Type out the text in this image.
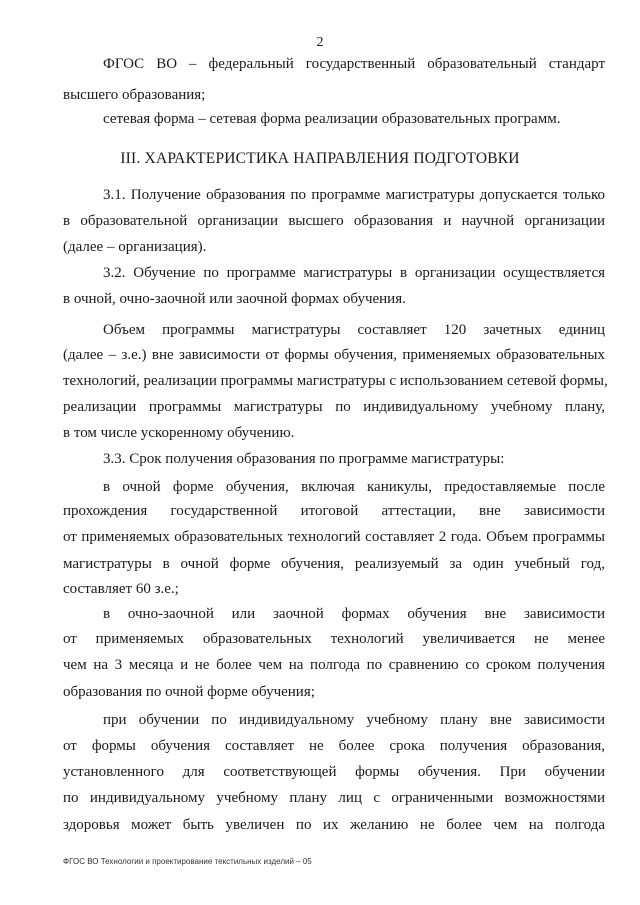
2
ФГОС ВО – федеральный государственный образовательный стандарт
высшего образования;
сетевая форма – сетевая форма реализации образовательных программ.
III. ХАРАКТЕРИСТИКА НАПРАВЛЕНИЯ ПОДГОТОВКИ
3.1. Получение образования по программе магистратуры допускается только
в образовательной организации высшего образования и научной организации
(далее – организация).
3.2. Обучение по программе магистратуры в организации осуществляется
в очной, очно-заочной или заочной формах обучения.
Объем программы магистратуры составляет 120 зачетных единиц
(далее – з.е.) вне зависимости от формы обучения, применяемых образовательных
технологий, реализации программы магистратуры с использованием сетевой формы,
реализации программы магистратуры по индивидуальному учебному плану,
в том числе ускоренному обучению.
3.3. Срок получения образования по программе магистратуры:
в очной форме обучения, включая каникулы, предоставляемые после
прохождения государственной итоговой аттестации, вне зависимости
от применяемых образовательных технологий составляет 2 года. Объем программы
магистратуры в очной форме обучения, реализуемый за один учебный год,
составляет 60 з.е.;
в очно-заочной или заочной формах обучения вне зависимости
от применяемых образовательных технологий увеличивается не менее
чем на 3 месяца и не более чем на полгода по сравнению со сроком получения
образования по очной форме обучения;
при обучении по индивидуальному учебному плану вне зависимости
от формы обучения составляет не более срока получения образования,
установленного для соответствующей формы обучения. При обучении
по индивидуальному учебному плану лиц с ограниченными возможностями
здоровья может быть увеличен по их желанию не более чем на полгода
ФГОС ВО Технологии и проектирование текстильных изделий – 05
